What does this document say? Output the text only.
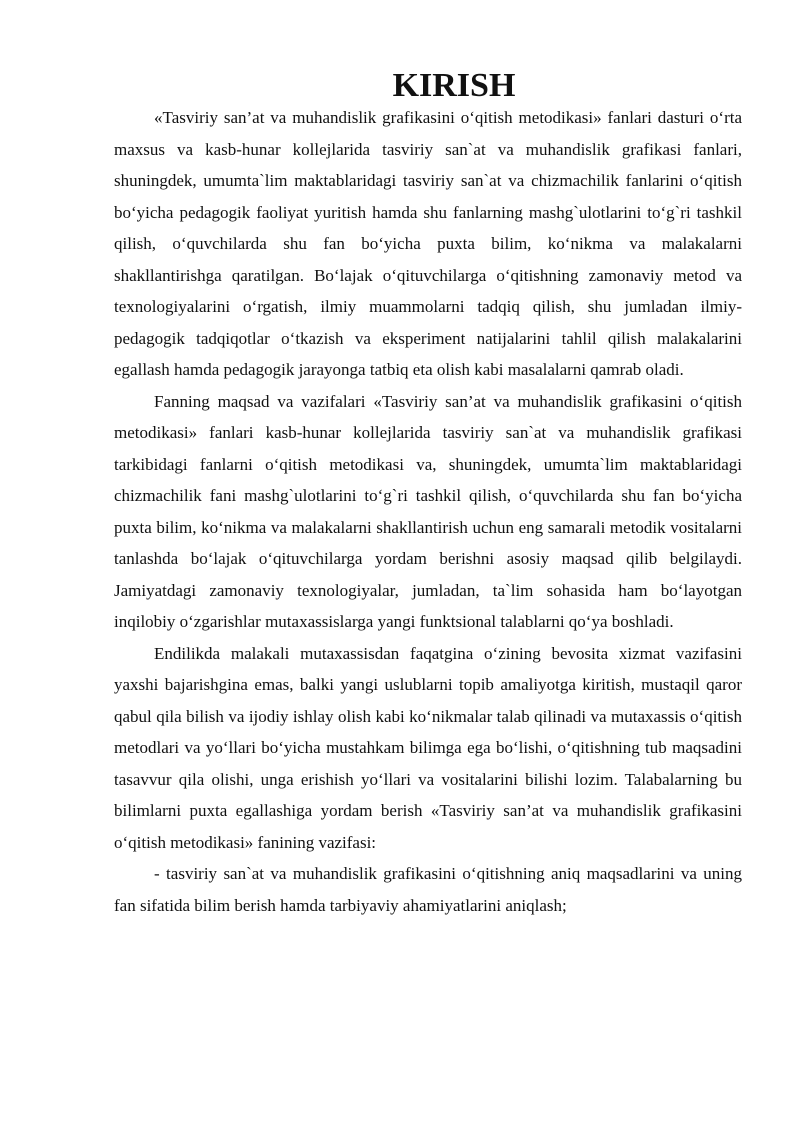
KIRISH

«Tasviriy san’at va muhandislik grafikasini o‘qitish metodikasi» fanlari dasturi o‘rta maxsus va kasb-hunar kollejlarida tasviriy san`at va muhandislik grafikasi fanlari, shuningdek, umumta`lim maktablaridagi tasviriy san`at va chizmachilik fanlarini o‘qitish bo‘yicha pedagogik faoliyat yuritish hamda shu fanlarning mashg`ulotlarini to‘g`ri tashkil qilish, o‘quvchilarda shu fan bo‘yicha puxta bilim, ko‘nikma va malakalarni shakllantirishga qaratilgan. Bo‘lajak o‘qituvchilarga o‘qitishning zamonaviy metod va texnologiyalarini o‘rgatish, ilmiy muammolarni tadqiq qilish, shu jumladan ilmiy-pedagogik tadqiqotlar o‘tkazish va eksperiment natijalarini tahlil qilish malakalarini egallash hamda pedagogik jarayonga tatbiq eta olish kabi masalalarni qamrab oladi.

Fanning maqsad va vazifalari «Tasviriy san’at va muhandislik grafikasini o‘qitish metodikasi» fanlari kasb-hunar kollejlarida tasviriy san`at va muhandislik grafikasi tarkibidagi fanlarni o‘qitish metodikasi va, shuningdek, umumta`lim maktablaridagi chizmachilik fani mashg`ulotlarini to‘g`ri tashkil qilish, o‘quvchilarda shu fan bo‘yicha puxta bilim, ko‘nikma va malakalarni shakllantirish uchun eng samarali metodik vositalarni tanlashda bo‘lajak o‘qituvchilarga yordam berishni asosiy maqsad qilib belgilaydi. Jamiyatdagi zamonaviy texnologiyalar, jumladan, ta`lim sohasida ham bo‘layotgan inqilobiy o‘zgarishlar mutaxassislarga yangi funktsional talablarni qo‘ya boshladi.

Endilikda malakali mutaxassisdan faqatgina o‘zining bevosita xizmat vazifasini yaxshi bajarishgina emas, balki yangi uslublarni topib amaliyotga kiritish, mustaqil qaror qabul qila bilish va ijodiy ishlay olish kabi ko‘nikmalar talab qilinadi va mutaxassis o‘qitish metodlari va yo‘llari bo‘yicha mustahkam bilimga ega bo‘lishi, o‘qitishning tub maqsadini tasavvur qila olishi, unga erishish yo‘llari va vositalarini bilishi lozim. Talabalarning bu bilimlarni puxta egallashiga yordam berish «Tasviriy san’at va muhandislik grafikasini o‘qitish metodikasi» fanining vazifasi:

- tasviriy san`at va muhandislik grafikasini o‘qitishning aniq maqsadlarini va uning fan sifatida bilim berish hamda tarbiyaviy ahamiyatlarini aniqlash;
